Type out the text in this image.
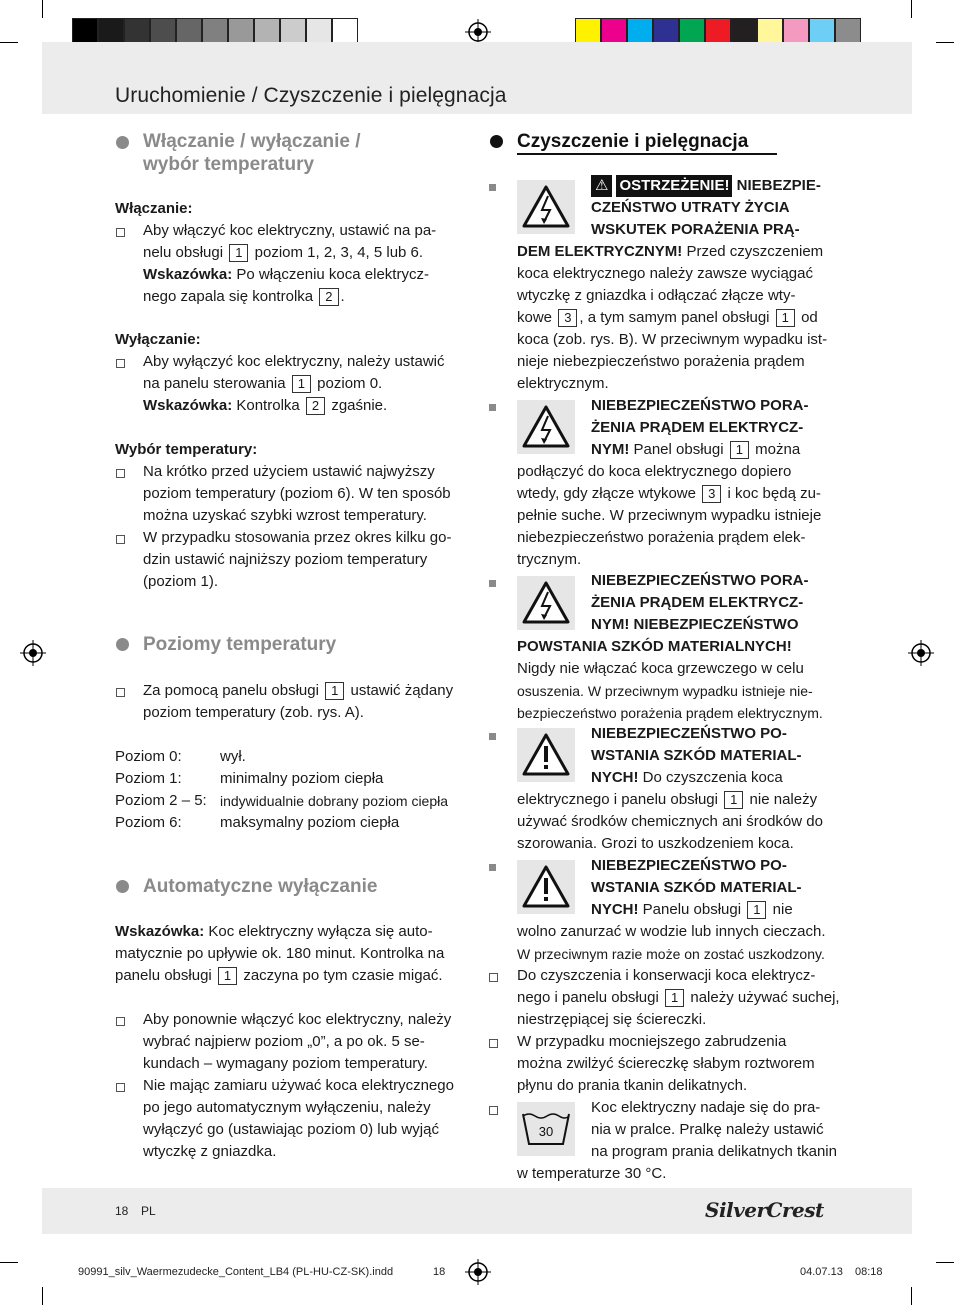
Uruchomienie / Czyszczenie i pielęgnacja
Włączanie / wyłączanie /
wybór temperatury
Włączanie:
Aby włączyć koc elektryczny, ustawić na pa-
nelu obsługi 1 poziom 1, 2, 3, 4, 5 lub 6.
Wskazówka: Po włączeniu koca elektrycz-
nego zapala się kontrolka 2 .
Wyłączanie:
Aby wyłączyć koc elektryczny, należy ustawić
na panelu sterowania 1 poziom 0.
Wskazówka: Kontrolka 2 zgaśnie.
Wybór temperatury:
Na krótko przed użyciem ustawić najwyższy
poziom temperatury (poziom 6). W ten sposób
można uzyskać szybki wzrost temperatury.
W przypadku stosowania przez okres kilku go-
dzin ustawić najniższy poziom temperatury
(poziom 1).
Poziomy temperatury
Za pomocą panelu obsługi 1 ustawić żądany
poziom temperatury (zob. rys. A).
Poziom 0:	wył.
Poziom 1:	minimalny poziom ciepła
Poziom 2 – 5: indywidualnie dobrany poziom ciepła
Poziom 6:	maksymalny poziom ciepła
Automatyczne wyłączanie
Wskazówka: Koc elektryczny wyłącza się auto-
matycznie po upływie ok. 180 minut. Kontrolka na
panelu obsługi 1 zaczyna po tym czasie migać.
Aby ponownie włączyć koc elektryczny, należy
wybrać najpierw poziom „0”, a po ok. 5 se-
kundach – wymagany poziom temperatury.
Nie mając zamiaru używać koca elektrycznego
po jego automatycznym wyłączeniu, należy
wyłączyć go (ustawiając poziom 0) lub wyjąć
wtyczkę z gniazdka.
Czyszczenie i pielęgnacja
⚠ OSTRZEŻENIE! NIEBEZPIE-
CZEŃSTWO UTRATY ŻYCIA
WSKUTEK PORAŻENIA PRĄ-
DEM ELEKTRYCZNYM! Przed czyszczeniem
koca elektrycznego należy zawsze wyciągać
wtyczkę z gniazdka i odłączać złącze wty-
kowe 3 , a tym samym panel obsługi 1 od
koca (zob. rys. B). W przeciwnym wypadku ist-
nieje niebezpieczeństwo porażenia prądem
elektrycznym.
NIEBEZPIECZEŃSTWO PORA-
ŻENIA PRĄDEM ELEKTRYCZ-
NYM! Panel obsługi 1 można
podłączyć do koca elektrycznego dopiero
wtedy, gdy złącze wtykowe 3 i koc będą zu-
pełnie suche. W przeciwnym wypadku istnieje
niebezpieczeństwo porażenia prądem elek-
trycznym.
NIEBEZPIECZEŃSTWO PORA-
ŻENIA PRĄDEM ELEKTRYCZ-
NYM! NIEBEZPIECZEŃSTWO
POWSTANIA SZKÓD MATERIALNYCH!
Nigdy nie włączać koca grzewczego w celu
osuszenia. W przeciwnym wypadku istnieje nie-
bezpieczeństwo porażenia prądem elektrycznym.
NIEBEZPIECZEŃSTWO PO-
WSTANIA SZKÓD MATERIAL-
NYCH! Do czyszczenia koca
elektrycznego i panelu obsługi 1 nie należy
używać środków chemicznych ani środków do
szorowania. Grozi to uszkodzeniem koca.
NIEBEZPIECZEŃSTWO PO-
WSTANIA SZKÓD MATERIAL-
NYCH! Panelu obsługi 1 nie
wolno zanurzać w wodzie lub innych cieczach.
W przeciwnym razie może on zostać uszkodzony.
Do czyszczenia i konserwacji koca elektrycz-
nego i panelu obsługi 1 należy używać suchej,
niestrzępiącej się ściereczki.
W przypadku mocniejszego zabrudzenia
można zwilżyć ściereczkę słabym roztworem
płynu do prania tkanin delikatnych.
30
Koc elektryczny nadaje się do pra-
nia w pralce. Pralkę należy ustawić
na program prania delikatnych tkanin
w temperaturze 30 °C.
18 PL	SilverCrest
90991_silv_Waermezudecke_Content_LB4 (PL-HU-CZ-SK).indd	18	04.07.13 08:18
